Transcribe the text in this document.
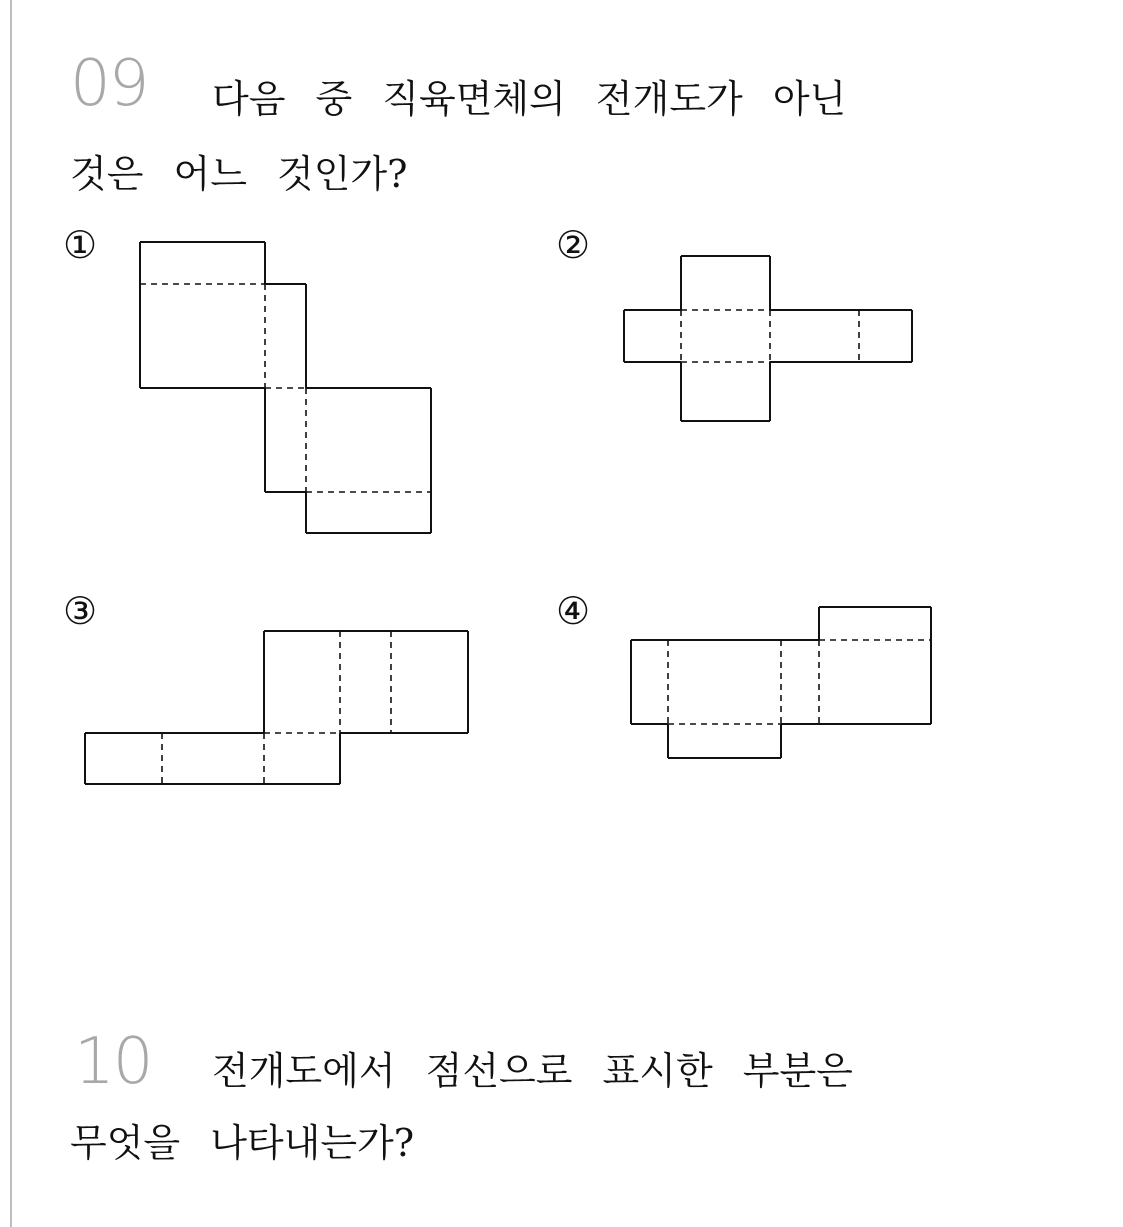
09 다음 중 직육면체의 전개도가 아닌
것은 어느 것인가?
①	②
③	④
10 전개도에서 점선으로 표시한 부분은
무엇을 나타내는가?
